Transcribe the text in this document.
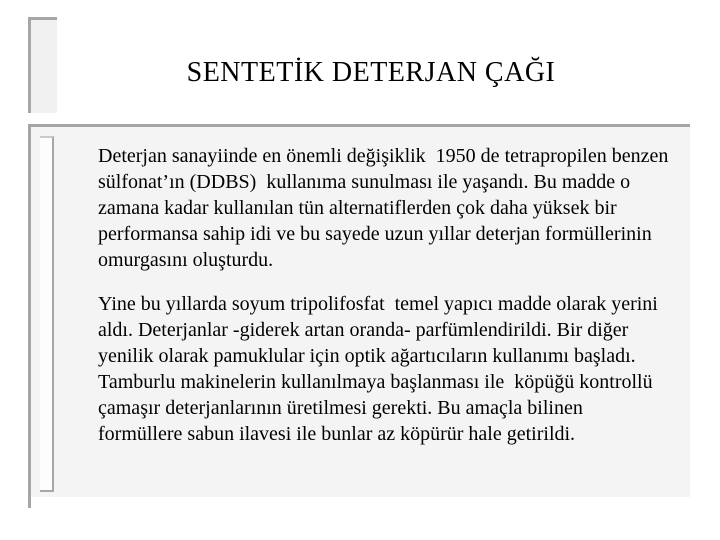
SENTETİK DETERJAN ÇAĞI
Deterjan sanayiinde en önemli değişiklik  1950 de tetrapropilen benzen
sülfonat’ın (DDBS)  kullanıma sunulması ile yaşandı. Bu madde o
zamana kadar kullanılan tün alternatiflerden çok daha yüksek bir
performansa sahip idi ve bu sayede uzun yıllar deterjan formüllerinin
omurgasını oluşturdu.
Yine bu yıllarda soyum tripolifosfat  temel yapıcı madde olarak yerini
aldı. Deterjanlar -giderek artan oranda- parfümlendirildi. Bir diğer
yenilik olarak pamuklular için optik ağartıcıların kullanımı başladı.
Tamburlu makinelerin kullanılmaya başlanması ile  köpüğü kontrollü
çamaşır deterjanlarının üretilmesi gerekti. Bu amaçla bilinen
formüllere sabun ilavesi ile bunlar az köpürür hale getirildi.
